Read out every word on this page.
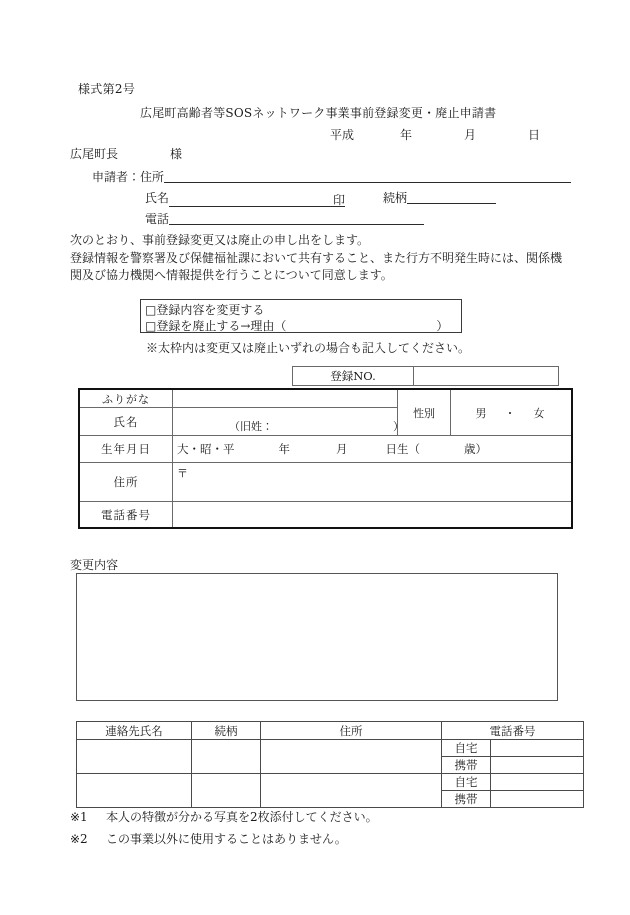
様式第2号
広尾町高齢者等SOSネットワーク事業事前登録変更・廃止申請書
平成	年	月	日
広尾町長	様
申請者：住所
氏名	印	続柄
電話
次のとおり、事前登録変更又は廃止の申し出をします。
登録情報を警察署及び保健福祉課において共有すること、また行方不明発生時には、関係機関及び協力機関へ情報提供を行うことについて同意します。
□登録内容を変更する
□登録を廃止する→理由（	）
※太枠内は変更又は廃止いずれの場合も記入してください。
登録NO.	
ふりがな		性別	男 ・ 女
氏名	（旧姓： ）		

生年月日	大・昭・平 年 月 日生（ 歳）		
住所	〒		
電話番号			
変更内容
連絡先氏名	続柄	住所	電話番号	
			自宅	
			携帯	
			自宅	
			携帯	
※1 本人の特徴が分かる写真を2枚添付してください。
※2 この事業以外に使用することはありません。
